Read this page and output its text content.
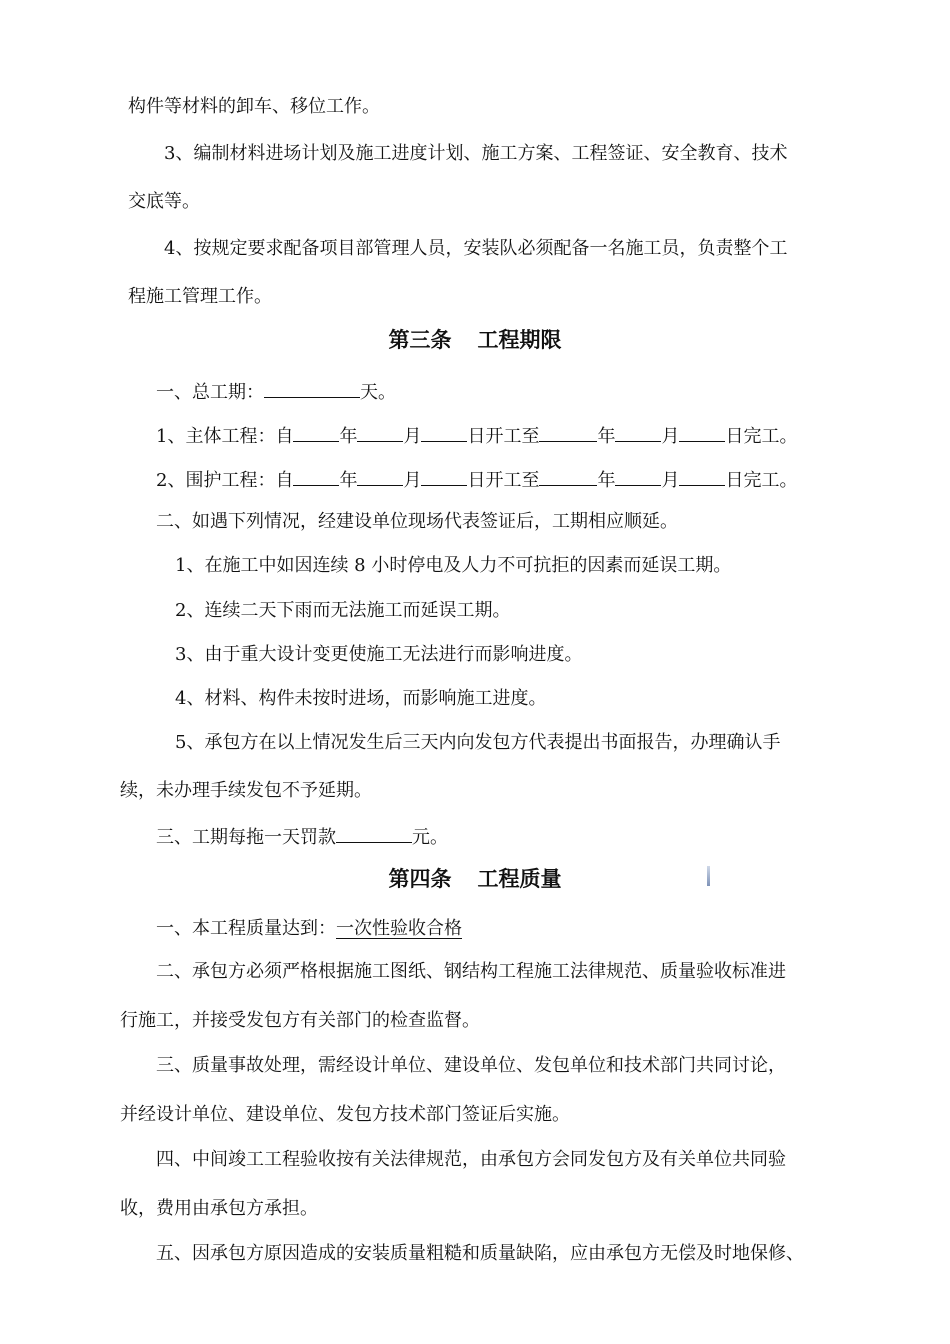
构件等材料的卸车、移位工作。
3、编制材料进场计划及施工进度计划、施工方案、工程签证、安全教育、技术
交底等。
4、按规定要求配备项目部管理人员，安装队必须配备一名施工员，负责整个工
程施工管理工作。
第三条 工程期限
一、总工期：	天。
1、主体工程：自	年	月	日开工至	年	月	日完工。
2、围护工程：自	年	月	日开工至	年	月	日完工。
二、如遇下列情况，经建设单位现场代表签证后，工期相应顺延。
1、在施工中如因连续 8 小时停电及人力不可抗拒的因素而延误工期。
2、连续二天下雨而无法施工而延误工期。
3、由于重大设计变更使施工无法进行而影响进度。
4、材料、构件未按时进场，而影响施工进度。
5、承包方在以上情况发生后三天内向发包方代表提出书面报告，办理确认手
续，未办理手续发包不予延期。
三、工期每拖一天罚款	元。
第四条 工程质量
一、本工程质量达到：一次性验收合格
二、承包方必须严格根据施工图纸、钢结构工程施工法律规范、质量验收标准进
行施工，并接受发包方有关部门的检查监督。
三、质量事故处理，需经设计单位、建设单位、发包单位和技术部门共同讨论，
并经设计单位、建设单位、发包方技术部门签证后实施。
四、中间竣工工程验收按有关法律规范，由承包方会同发包方及有关单位共同验
收，费用由承包方承担。
五、因承包方原因造成的安装质量粗糙和质量缺陷，应由承包方无偿及时地保修、
